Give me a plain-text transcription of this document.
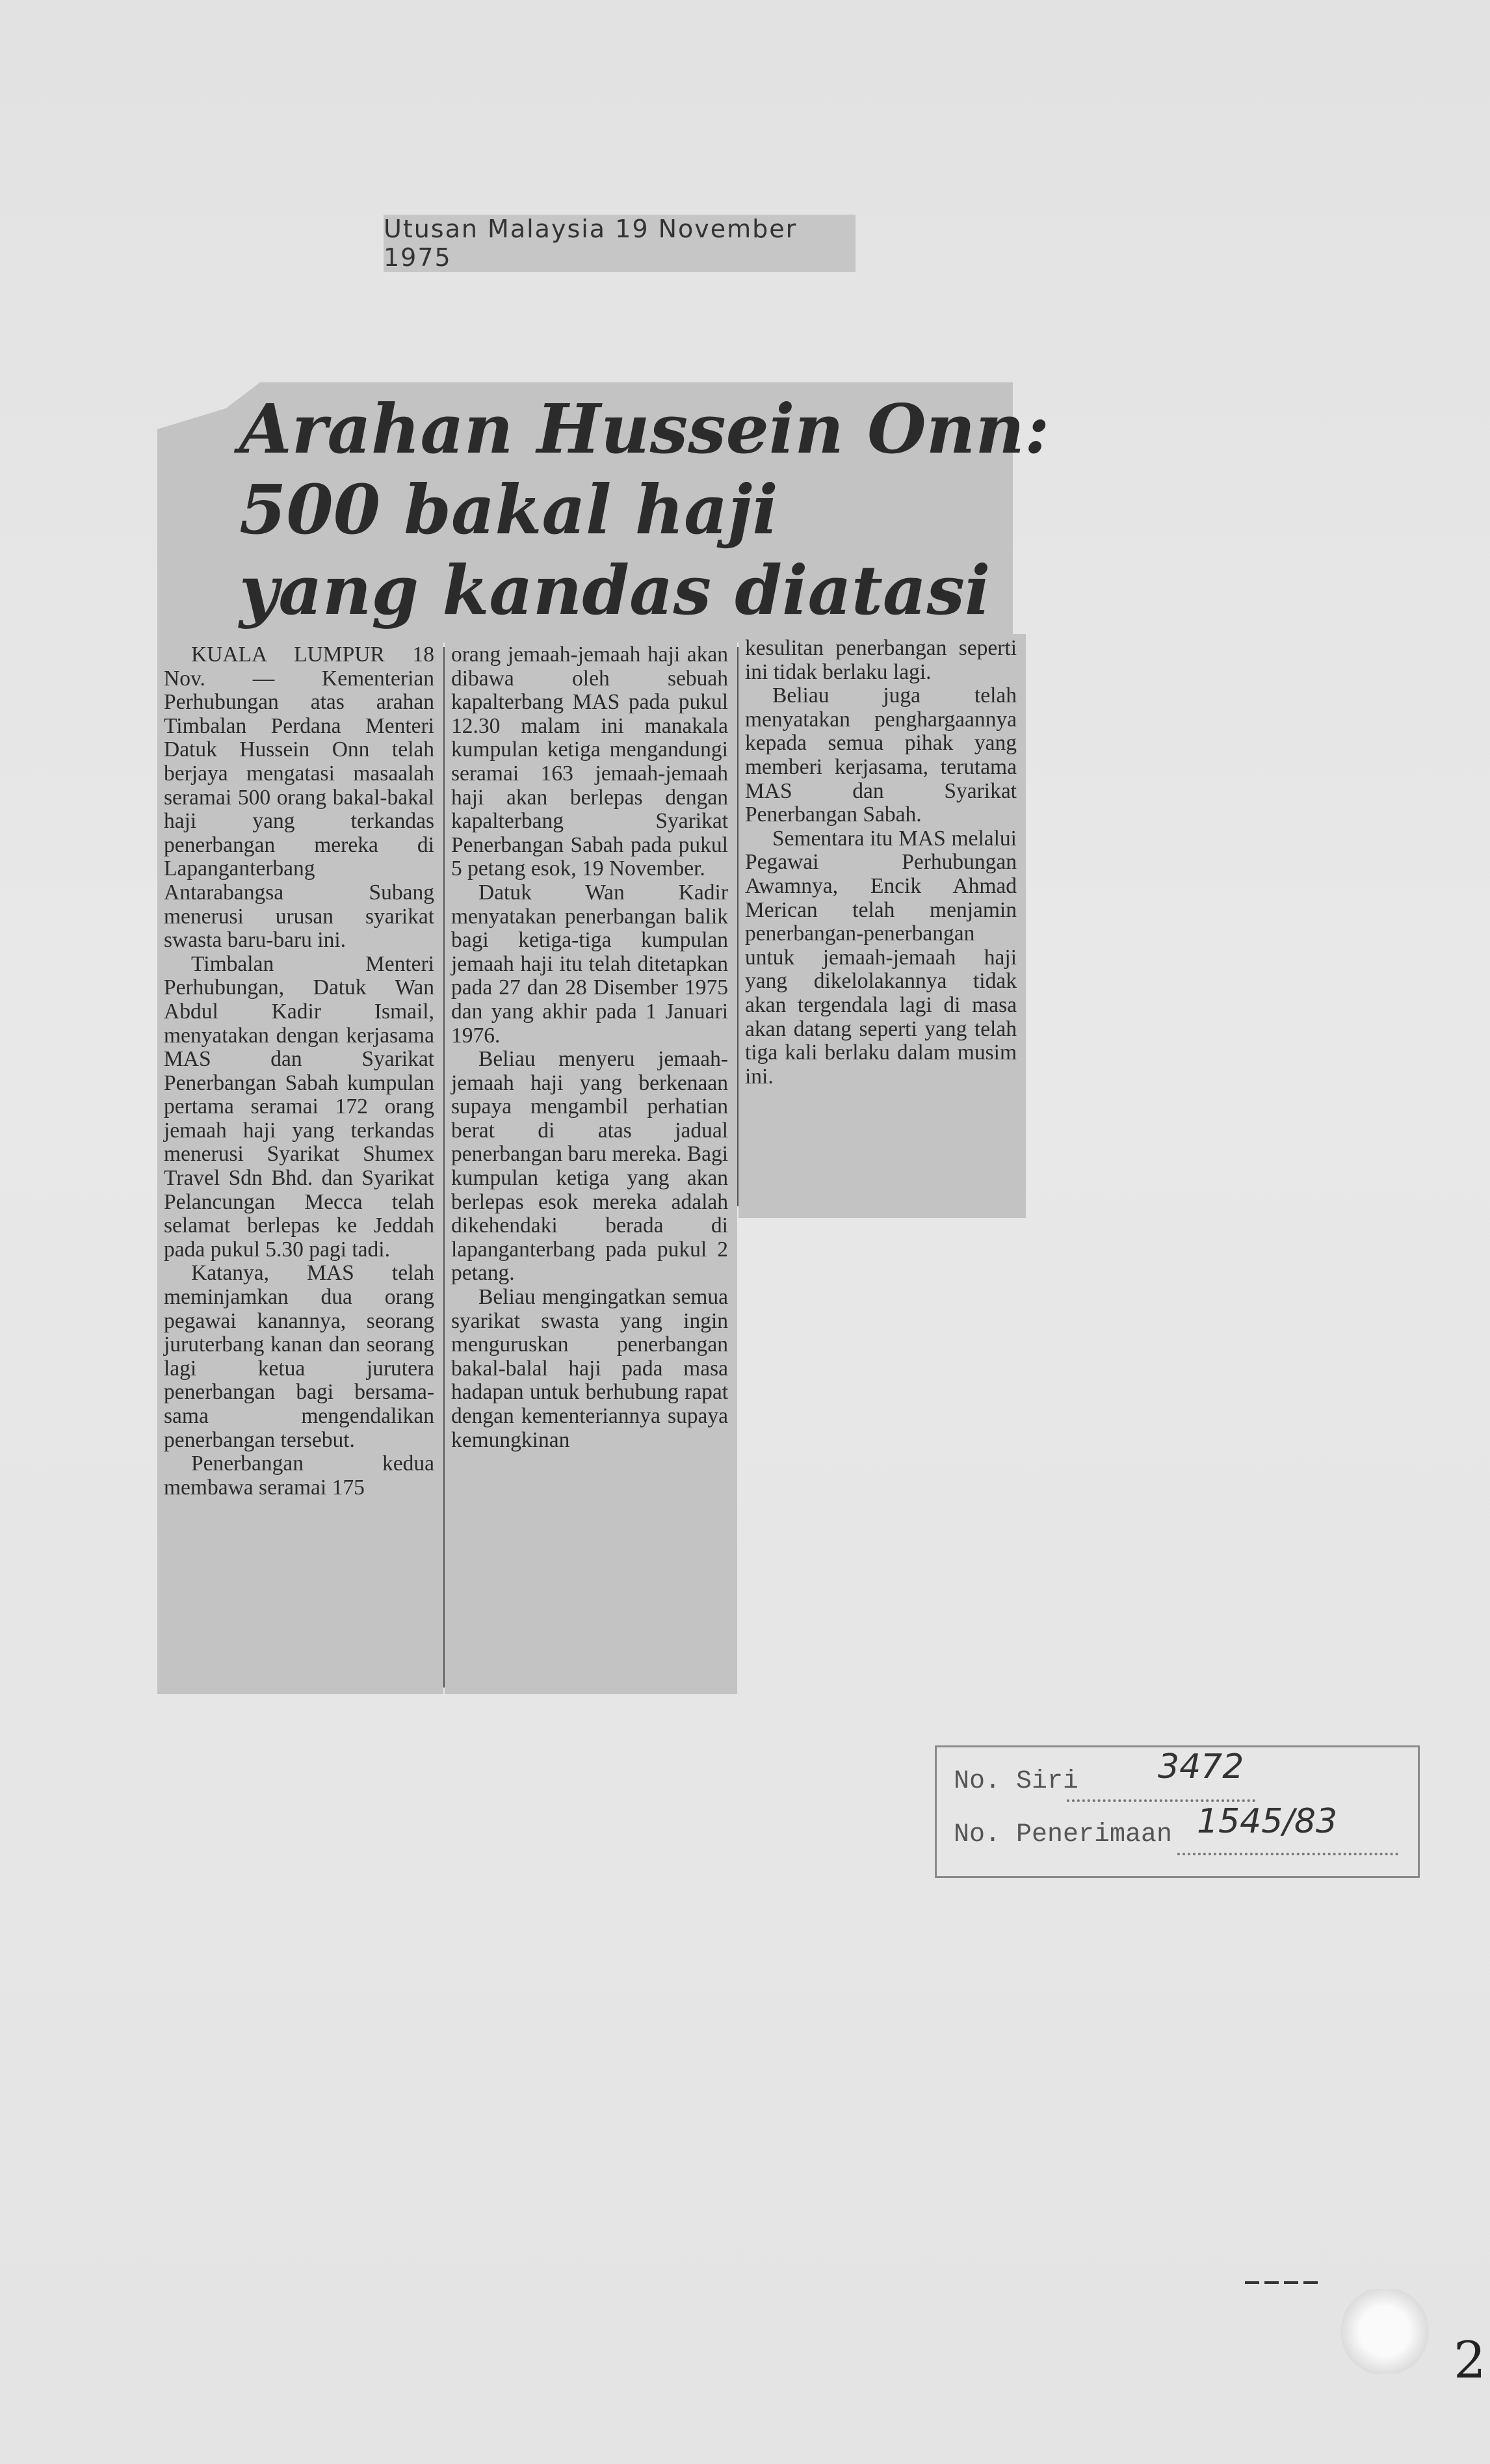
Utusan Malaysia 19 November 1975
Arahan Hussein Onn:
500 bakal haji
yang kandas diatasi

KUALA LUMPUR 18 Nov. — Kementerian Perhubungan atas arahan Timbalan Perdana Menteri Datuk Hussein Onn telah berjaya mengatasi masaalah seramai 500 orang bakal-bakal haji yang terkandas penerbangan mereka di Lapanganterbang Antarabangsa Subang menerusi urusan syarikat swasta baru-baru ini.

Timbalan Menteri Perhubungan, Datuk Wan Abdul Kadir Ismail, menyatakan dengan kerjasama MAS dan Syarikat Penerbangan Sabah kumpulan pertama seramai 172 orang jemaah haji yang terkandas menerusi Syarikat Shumex Travel Sdn Bhd. dan Syarikat Pelancungan Mecca telah selamat berlepas ke Jeddah pada pukul 5.30 pagi tadi.

Katanya, MAS telah meminjamkan dua orang pegawai kanannya, seorang juruterbang kanan dan seorang lagi ketua jurutera penerbangan bagi bersama-sama mengendalikan penerbangan tersebut.

Penerbangan kedua membawa seramai 175

orang jemaah-jemaah haji akan dibawa oleh sebuah kapalterbang MAS pada pukul 12.30 malam ini manakala kumpulan ketiga mengandungi seramai 163 jemaah-jemaah haji akan berlepas dengan kapalterbang Syarikat Penerbangan Sabah pada pukul 5 petang esok, 19 November.

Datuk Wan Kadir menyatakan penerbangan balik bagi ketiga-tiga kumpulan jemaah haji itu telah ditetapkan pada 27 dan 28 Disember 1975 dan yang akhir pada 1 Januari 1976.

Beliau menyeru jemaah-jemaah haji yang berkenaan supaya mengambil perhatian berat di atas jadual penerbangan baru mereka. Bagi kumpulan ketiga yang akan berlepas esok mereka adalah dikehendaki berada di lapanganterbang pada pukul 2 petang.

Beliau mengingatkan semua syarikat swasta yang ingin menguruskan penerbangan bakal-balal haji pada masa hadapan untuk berhubung rapat dengan kementeriannya supaya kemungkinan

kesulitan penerbangan seperti ini tidak berlaku lagi.

Beliau juga telah menyatakan penghargaannya kepada semua pihak yang memberi kerjasama, terutama MAS dan Syarikat Penerbangan Sabah.

Sementara itu MAS melalui Pegawai Perhubungan Awamnya, Encik Ahmad Merican telah menjamin penerbangan-penerbangan untuk jemaah-jemaah haji yang dikelolakannya tidak akan tergendala lagi di masa akan datang seperti yang telah tiga kali berlaku dalam musim ini.

No. Siri 3472
No. Penerimaan 1545/83
2
